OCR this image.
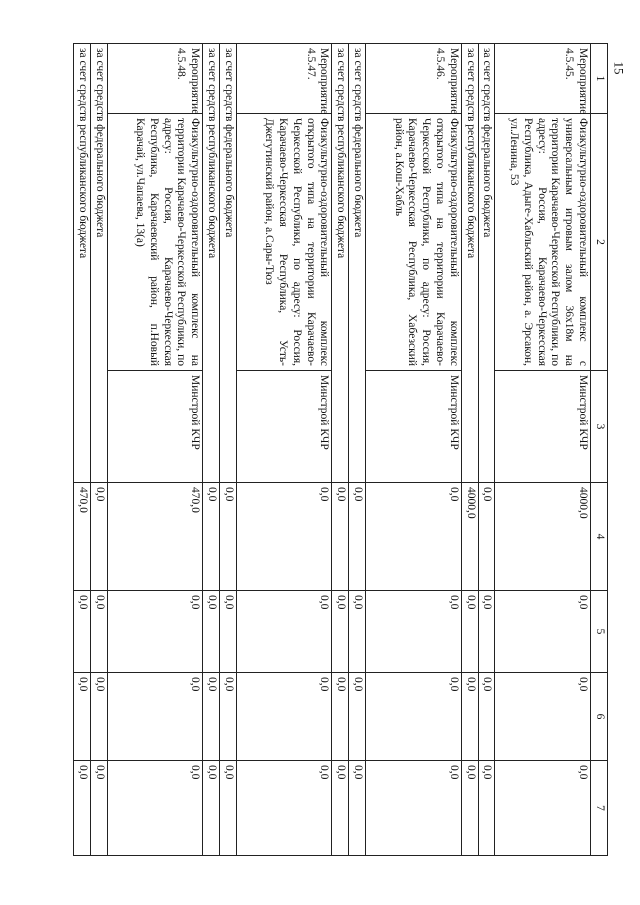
15
1	2	3	4	5	6	7
Мероприятие 4.5.45.	Физкультурно-оздоровительный комплекс с универсальным игровым залом 36х18м на территории Карачаево-Черкесской Республики, по адресу: Россия, Карачаево-Черкесская Республика, Адыге-Хабльский район, а. Эрсакон, ул.Ленина, 53	Минстрой КЧР	4000,0	0,0	0,0	0,0
за счет средств федерального бюджета			0,0	0,0	0,0	0,0
за счет средств республиканского бюджета			4000,0	0,0	0,0	0,0
Мероприятие 4.5.46.	Физкультурно-оздоровительный комплекс открытого типа на территории Карачаево-Черкесской Республики, по адресу: Россия, Карачаево-Черкесская Республика, Хабезский район, а.Кош-Хабль	Минстрой КЧР	0,0	0,0	0,0	0,0
за счет средств федерального бюджета			0,0	0,0	0,0	0,0
за счет средств республиканского бюджета			0,0	0,0	0,0	0,0
Мероприятие 4.5.47.	Физкультурно-оздоровительный комплекс открытого типа на территории Карачаево-Черкесской Республики, по адресу: Россия, Карачаево-Черкесская Республика, Усть-Джегутинский район, а.Сары-Тюз	Минстрой КЧР	0,0	0,0	0,0	0,0
за счет средств федерального бюджета			0,0	0,0	0,0	0,0
за счет средств республиканского бюджета			0,0	0,0	0,0	0,0
Мероприятие 4.5.48.	Физкультурно-оздоровительный комплекс на территории Карачаево-Черкесской Республики, по адресу: Россия, Карачаево-Черкесская Республика, Карачаевский район, п.Новый Карачай, ул.Чапаева, 13(а)	Минстрой КЧР	470,0	0,0	0,0	0,0
за счет средств федерального бюджета			0,0	0,0	0,0	0,0
за счет средств республиканского бюджета			470,0	0,0	0,0	0,0
